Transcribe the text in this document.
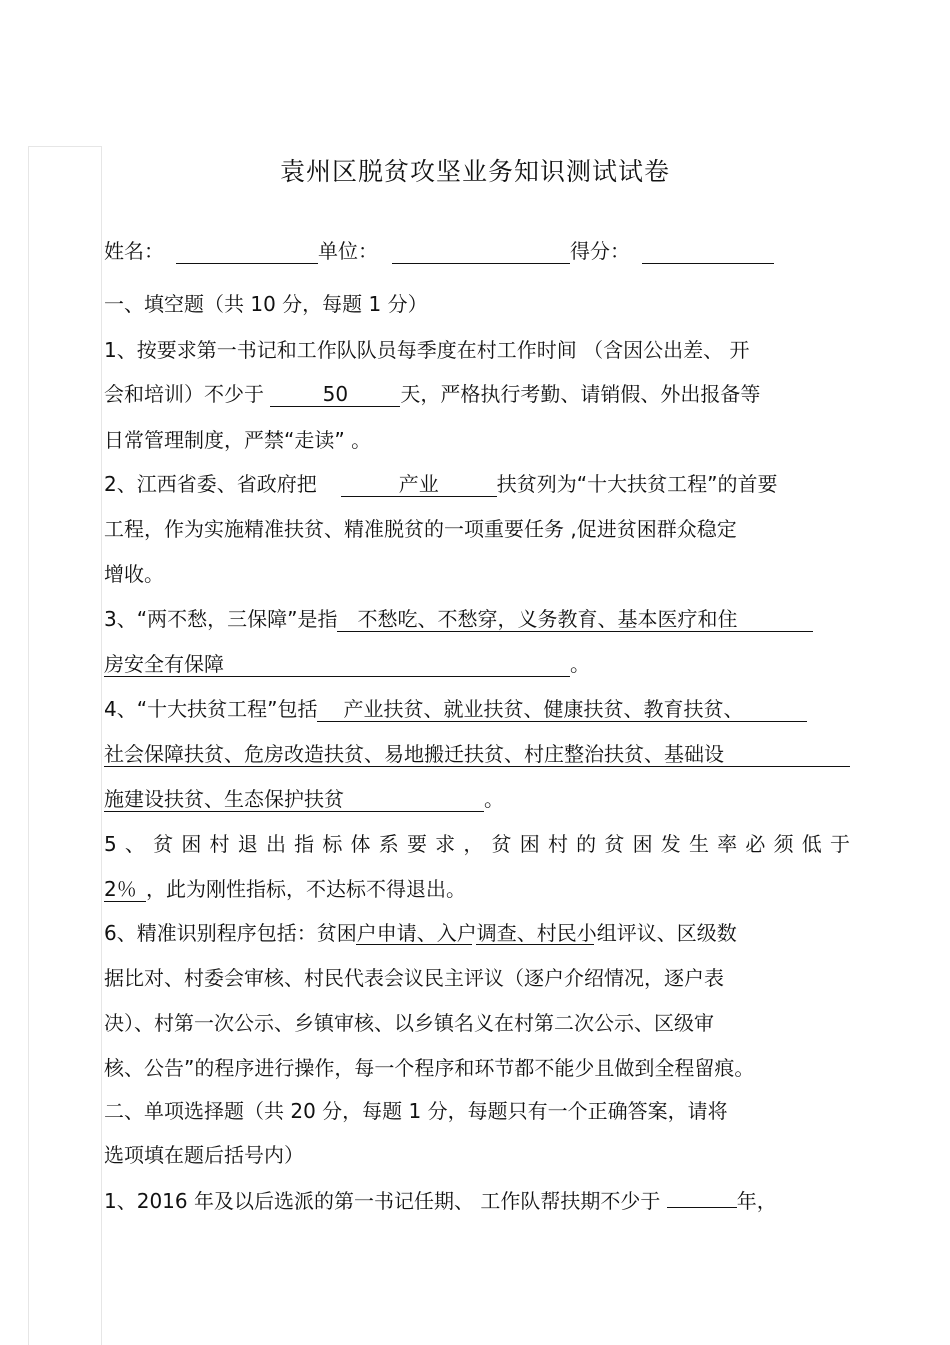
袁州区脱贫攻坚业务知识测试试卷
姓名：	单位：	得分：
一、填空题（共 10 分，每题 1 分）
1、按要求第一书记和工作队队员每季度在村工作时间 （含因公出差、 开
会和培训）不少于	50	天，严格执行考勤、请销假、外出报备等
日常管理制度，严禁“走读” 。
2、江西省委、省政府把	产业	扶贫列为“十大扶贫工程”的首要
工程，作为实施精准扶贫、精准脱贫的一项重要任务 ,促进贫困群众稳定
增收。
3、“两不愁，三保障”是指 不愁吃、不愁穿，义务教育、基本医疗和住
房安全有保障	。
4、“十大扶贫工程”包括 产业扶贫、就业扶贫、健康扶贫、教育扶贫、
社会保障扶贫、危房改造扶贫、易地搬迁扶贫、村庄整治扶贫、基础设
施建设扶贫、生态保护扶贫	。
5、贫困村退出指标体系要求，贫困村的贫困发生率必须低于
2％ ，此为刚性指标，不达标不得退出。
6、精准识别程序包括：贫困户申请、入户调查、村民小组评议、区级数
据比对、村委会审核、村民代表会议民主评议（逐户介绍情况，逐户表
决）、村第一次公示、乡镇审核、以乡镇名义在村第二次公示、区级审
核、公告”的程序进行操作，每一个程序和环节都不能少且做到全程留痕。
二、单项选择题（共 20 分，每题 1 分，每题只有一个正确答案，请将
选项填在题后括号内）
1、2016 年及以后选派的第一书记任期、 工作队帮扶期不少于	年，
